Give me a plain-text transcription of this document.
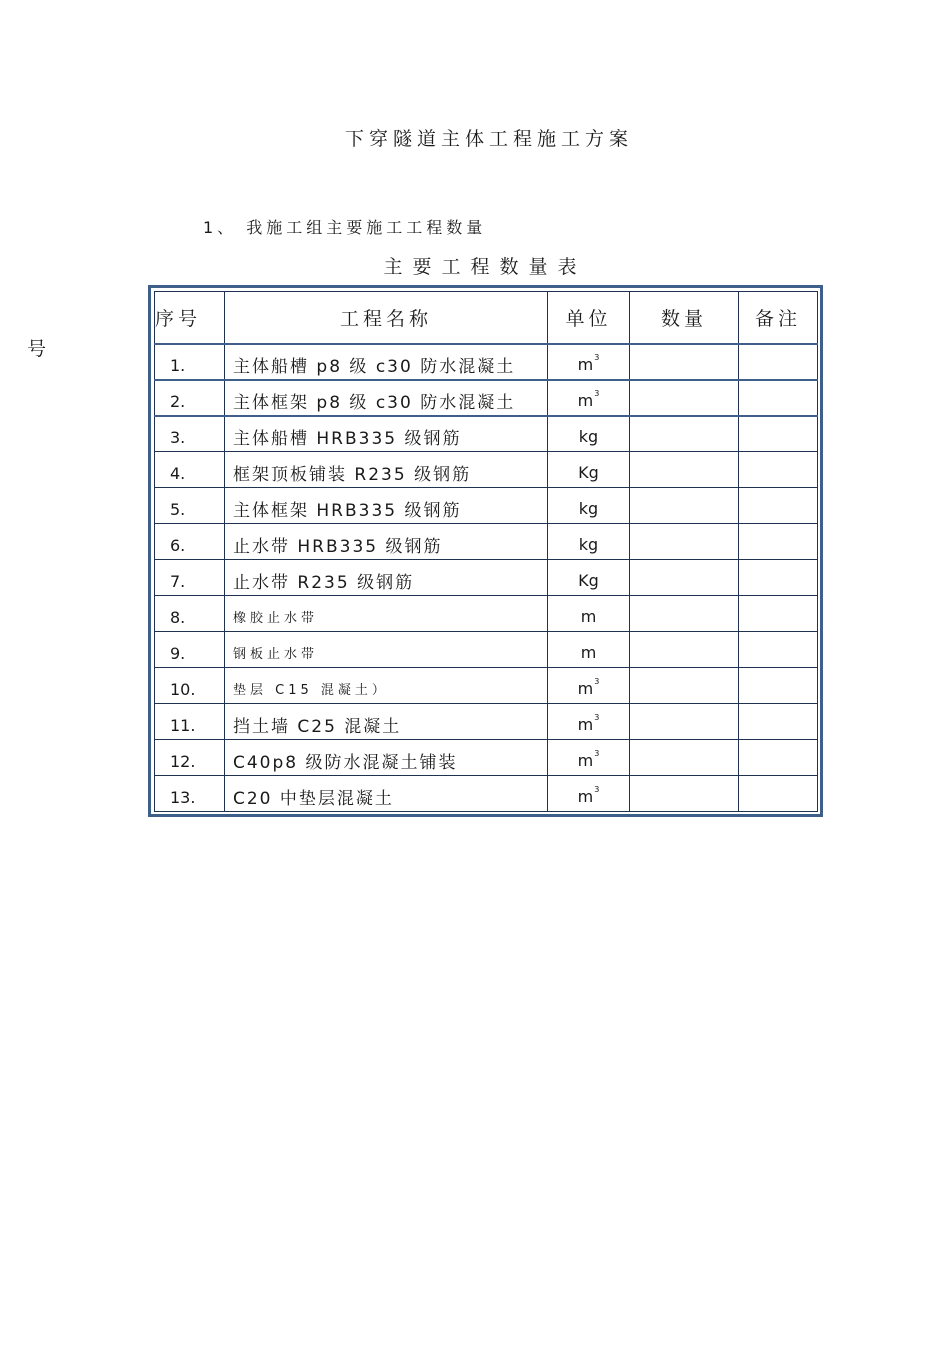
下穿隧道主体工程施工方案
1、 我施工组主要施工工程数量
主要工程数量表
序号	工程名称	单位	数量	备注

1.	主体船槽 p8 级 c30 防水混凝土	$m^3$		

2.	主体框架 p8 级 c30 防水混凝土	$m^3$		

3.	主体船槽 HRB335 级钢筋	kg		

4.	框架顶板铺装 R235 级钢筋	Kg		

5.	主体框架 HRB335 级钢筋	kg		

6.	止水带 HRB335 级钢筋	kg		

7.	止水带 R235 级钢筋	Kg		

8.	橡胶止水带	m		

9.	钢板止水带	m		

10.	垫层 C15 混凝土）	$m^3$		

11.	挡土墙 C25 混凝土	$m^3$		

12.	C40p8 级防水混凝土铺装	$m^3$		

13.	C20 中垫层混凝土	$m^3$		
号
